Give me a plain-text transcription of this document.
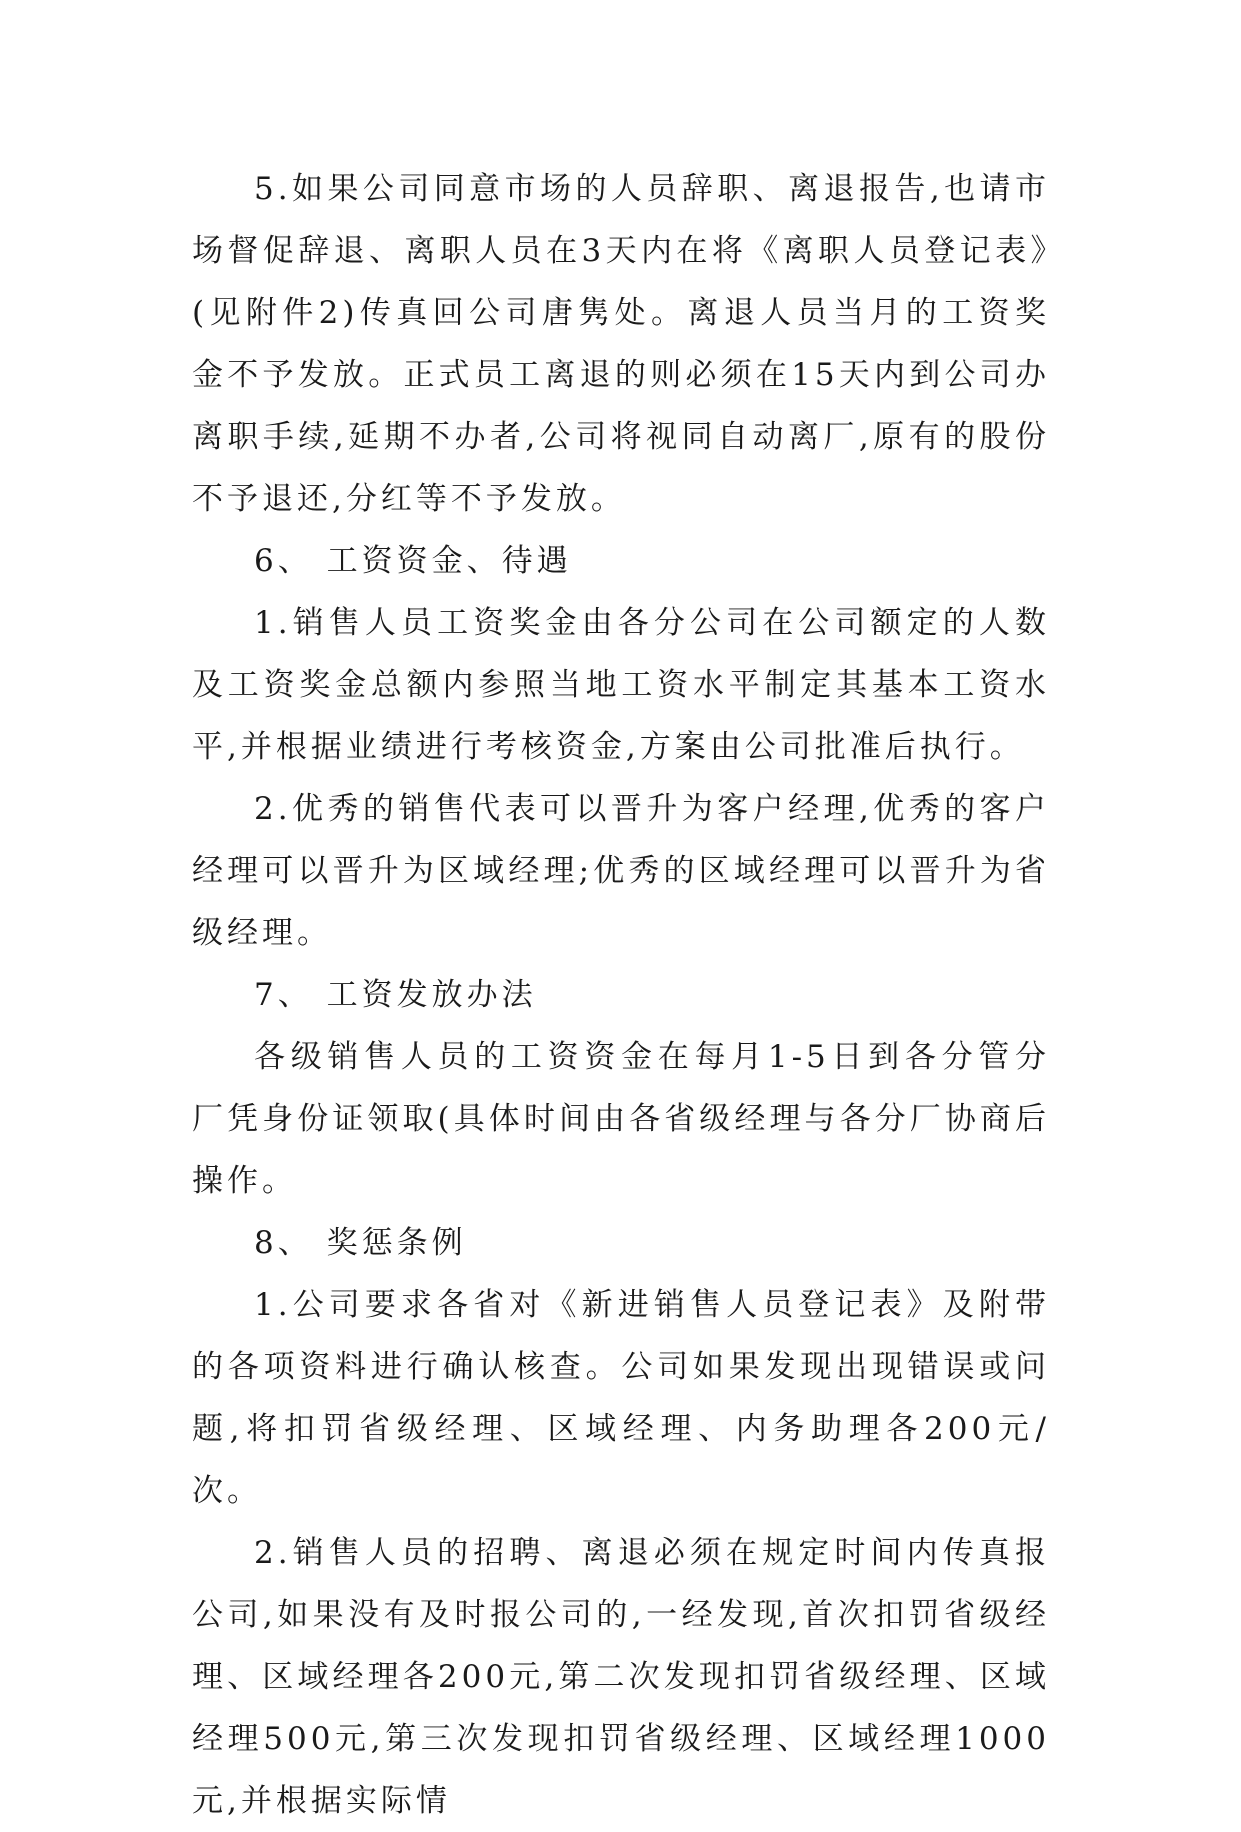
5.如果公司同意市场的人员辞职、离退报告,也请市场督促辞退、离职人员在3天内在将《离职人员登记表》(见附件2)传真回公司唐隽处。离退人员当月的工资奖金不予发放。正式员工离退的则必须在15天内到公司办离职手续,延期不办者,公司将视同自动离厂,原有的股份不予退还,分红等不予发放。

6、 工资资金、待遇

1.销售人员工资奖金由各分公司在公司额定的人数及工资奖金总额内参照当地工资水平制定其基本工资水平,并根据业绩进行考核资金,方案由公司批准后执行。

2.优秀的销售代表可以晋升为客户经理,优秀的客户经理可以晋升为区域经理;优秀的区域经理可以晋升为省级经理。

7、 工资发放办法

各级销售人员的工资资金在每月1-5日到各分管分厂凭身份证领取(具体时间由各省级经理与各分厂协商后操作。

8、 奖惩条例

1.公司要求各省对《新进销售人员登记表》及附带的各项资料进行确认核查。公司如果发现出现错误或问题,将扣罚省级经理、区域经理、内务助理各200元/次。

2.销售人员的招聘、离退必须在规定时间内传真报公司,如果没有及时报公司的,一经发现,首次扣罚省级经理、区域经理各200元,第二次发现扣罚省级经理、区域经理500元,第三次发现扣罚省级经理、区域经理1000元,并根据实际情
